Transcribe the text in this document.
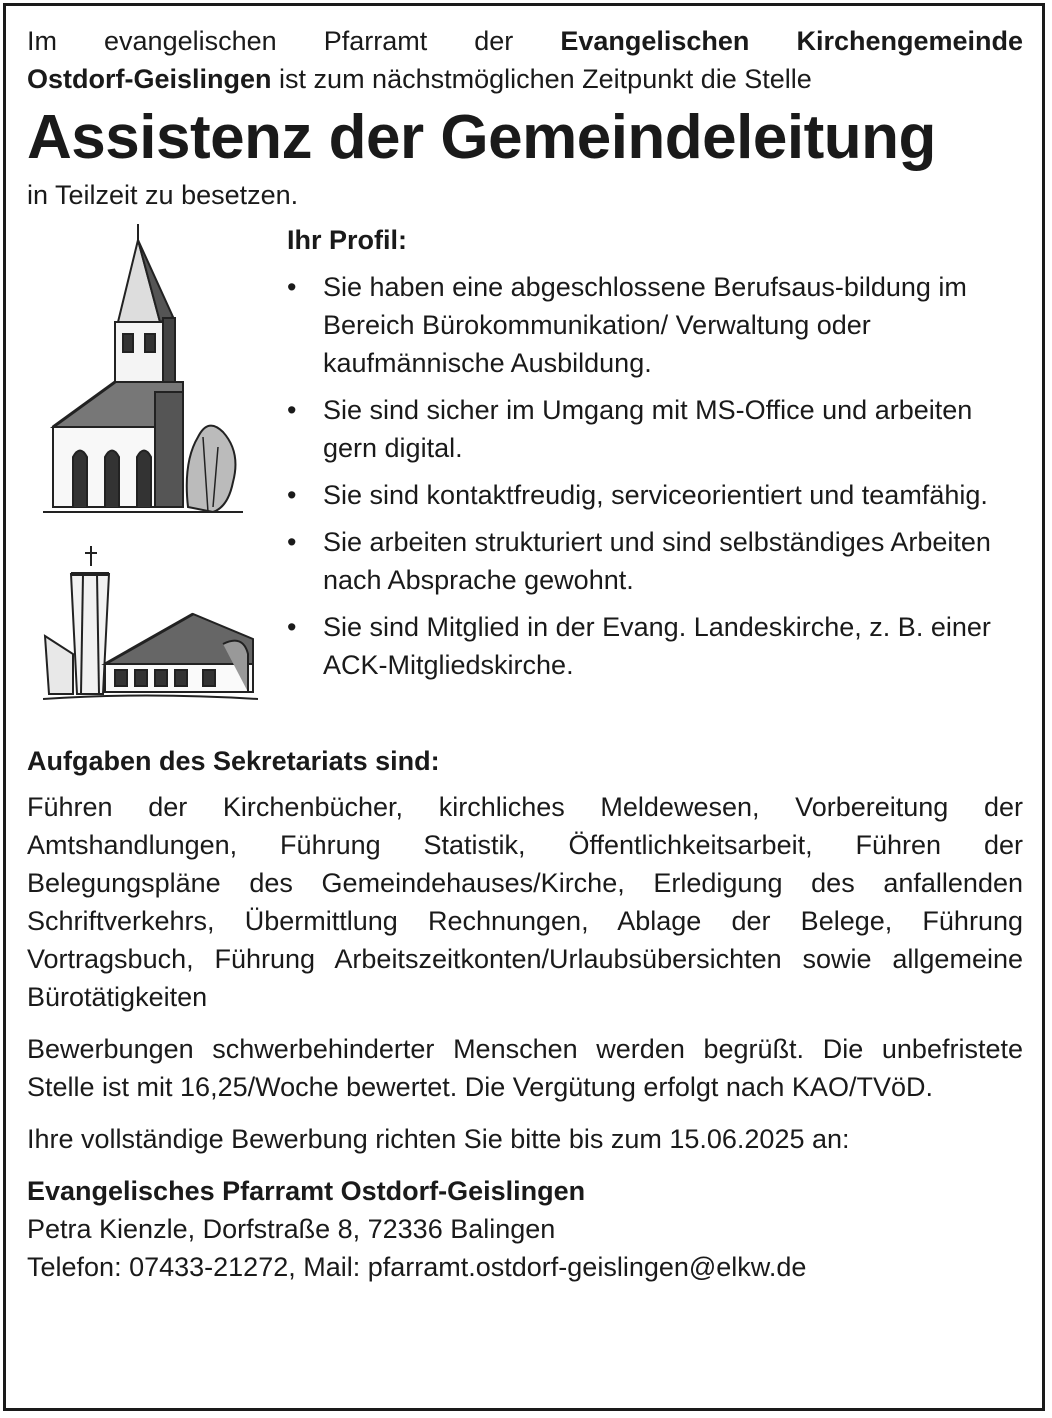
Im evangelischen Pfarramt der Evangelischen Kirchengemeinde

Ostdorf-Geislingen ist zum nächstmöglichen Zeitpunkt die Stelle

Assistenz der Gemeindeleitung

in Teilzeit zu besetzen.

Ihr Profil:

• Sie haben eine abgeschlossene Berufsaus-bildung im Bereich Bürokommunikation/ Verwaltung oder kaufmännische Ausbildung.
• Sie sind sicher im Umgang mit MS-Office und arbeiten gern digital.
• Sie sind kontaktfreudig, serviceorientiert und teamfähig.
• Sie arbeiten strukturiert und sind selbständiges Arbeiten nach Absprache gewohnt.
• Sie sind Mitglied in der Evang. Landeskirche, z. B. einer ACK-Mitgliedskirche.

Aufgaben des Sekretariats sind:

Führen der Kirchenbücher, kirchliches Meldewesen, Vorbereitung der Amtshandlungen, Führung Statistik, Öffentlichkeitsarbeit, Führen der Belegungspläne des Gemeindehauses/Kirche, Erledigung des anfallenden Schriftverkehrs, Übermittlung Rechnungen, Ablage der Belege, Führung Vortragsbuch, Führung Arbeitszeitkonten/Urlaubsübersichten sowie allgemeine Bürotätigkeiten

Bewerbungen schwerbehinderter Menschen werden begrüßt. Die unbefristete Stelle ist mit 16,25/Woche bewertet. Die Vergütung erfolgt nach KAO/TVöD.

Ihre vollständige Bewerbung richten Sie bitte bis zum 15.06.2025 an:

Evangelisches Pfarramt Ostdorf-Geislingen

Petra Kienzle, Dorfstraße 8, 72336 Balingen

Telefon: 07433-21272, Mail: pfarramt.ostdorf-geislingen@elkw.de
